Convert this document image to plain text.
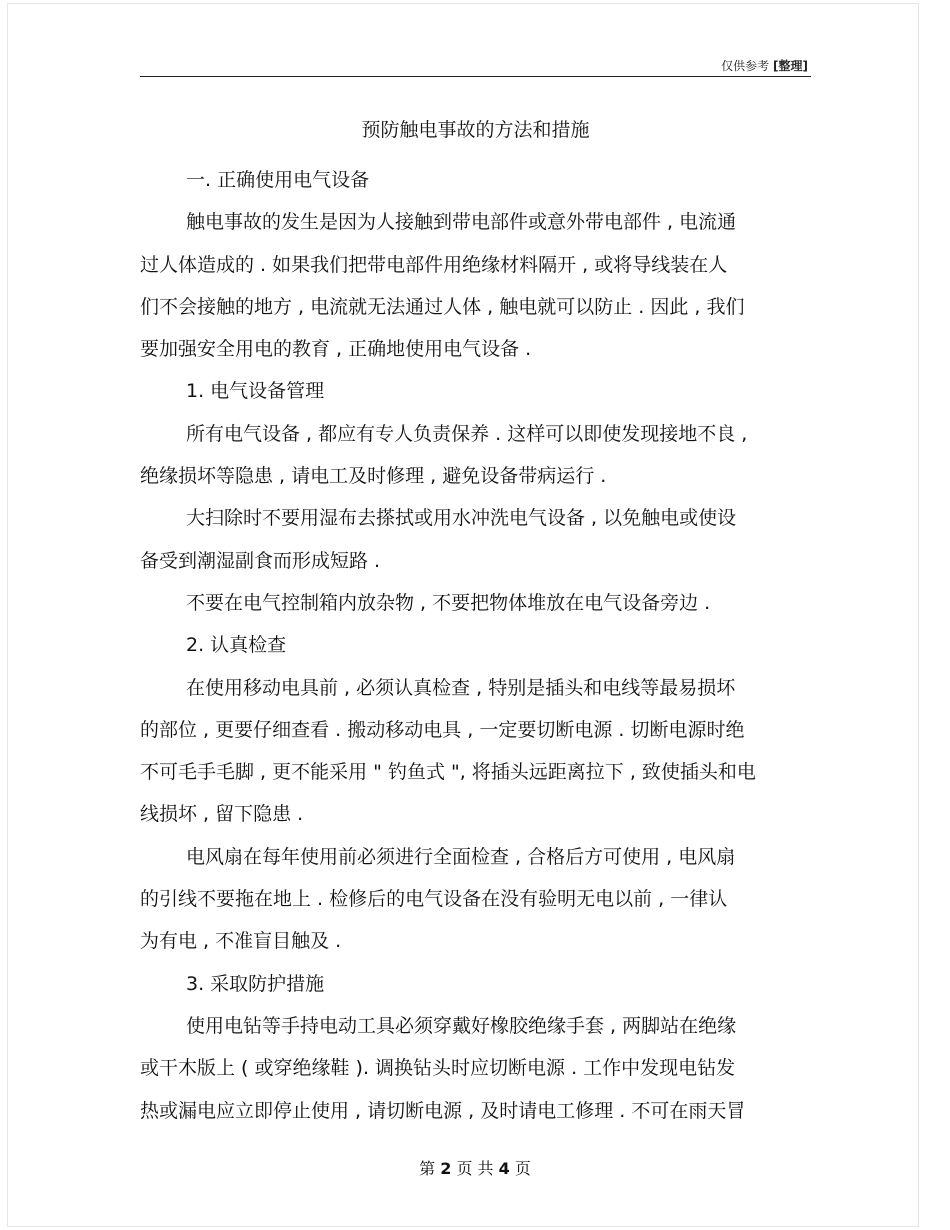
仅供参考 [整理]
预防触电事故的方法和措施

一. 正确使用电气设备

触电事故的发生是因为人接触到带电部件或意外带电部件 , 电流通

过人体造成的 . 如果我们把带电部件用绝缘材料隔开 , 或将导线装在人

们不会接触的地方 , 电流就无法通过人体 , 触电就可以防止 . 因此 , 我们

要加强安全用电的教育 , 正确地使用电气设备 .

1. 电气设备管理

所有电气设备 , 都应有专人负责保养 . 这样可以即使发现接地不良 ,

绝缘损坏等隐患 , 请电工及时修理 , 避免设备带病运行 .

大扫除时不要用湿布去搽拭或用水冲洗电气设备 , 以免触电或使设

备受到潮湿副食而形成短路 .

不要在电气控制箱内放杂物 , 不要把物体堆放在电气设备旁边 .

2. 认真检查

在使用移动电具前 , 必须认真检查 , 特别是插头和电线等最易损坏

的部位 , 更要仔细查看 . 搬动移动电具 , 一定要切断电源 . 切断电源时绝

不可毛手毛脚 , 更不能采用 " 钓鱼式 ", 将插头远距离拉下 , 致使插头和电

线损坏 , 留下隐患 .

电风扇在每年使用前必须进行全面检查 , 合格后方可使用 , 电风扇

的引线不要拖在地上 . 检修后的电气设备在没有验明无电以前 , 一律认

为有电 , 不准盲目触及 .

3. 采取防护措施

使用电钻等手持电动工具必须穿戴好橡胶绝缘手套 , 两脚站在绝缘

或干木版上 ( 或穿绝缘鞋 ). 调换钻头时应切断电源 . 工作中发现电钻发

热或漏电应立即停止使用 , 请切断电源 , 及时请电工修理 . 不可在雨天冒

第 2 页 共 4 页
